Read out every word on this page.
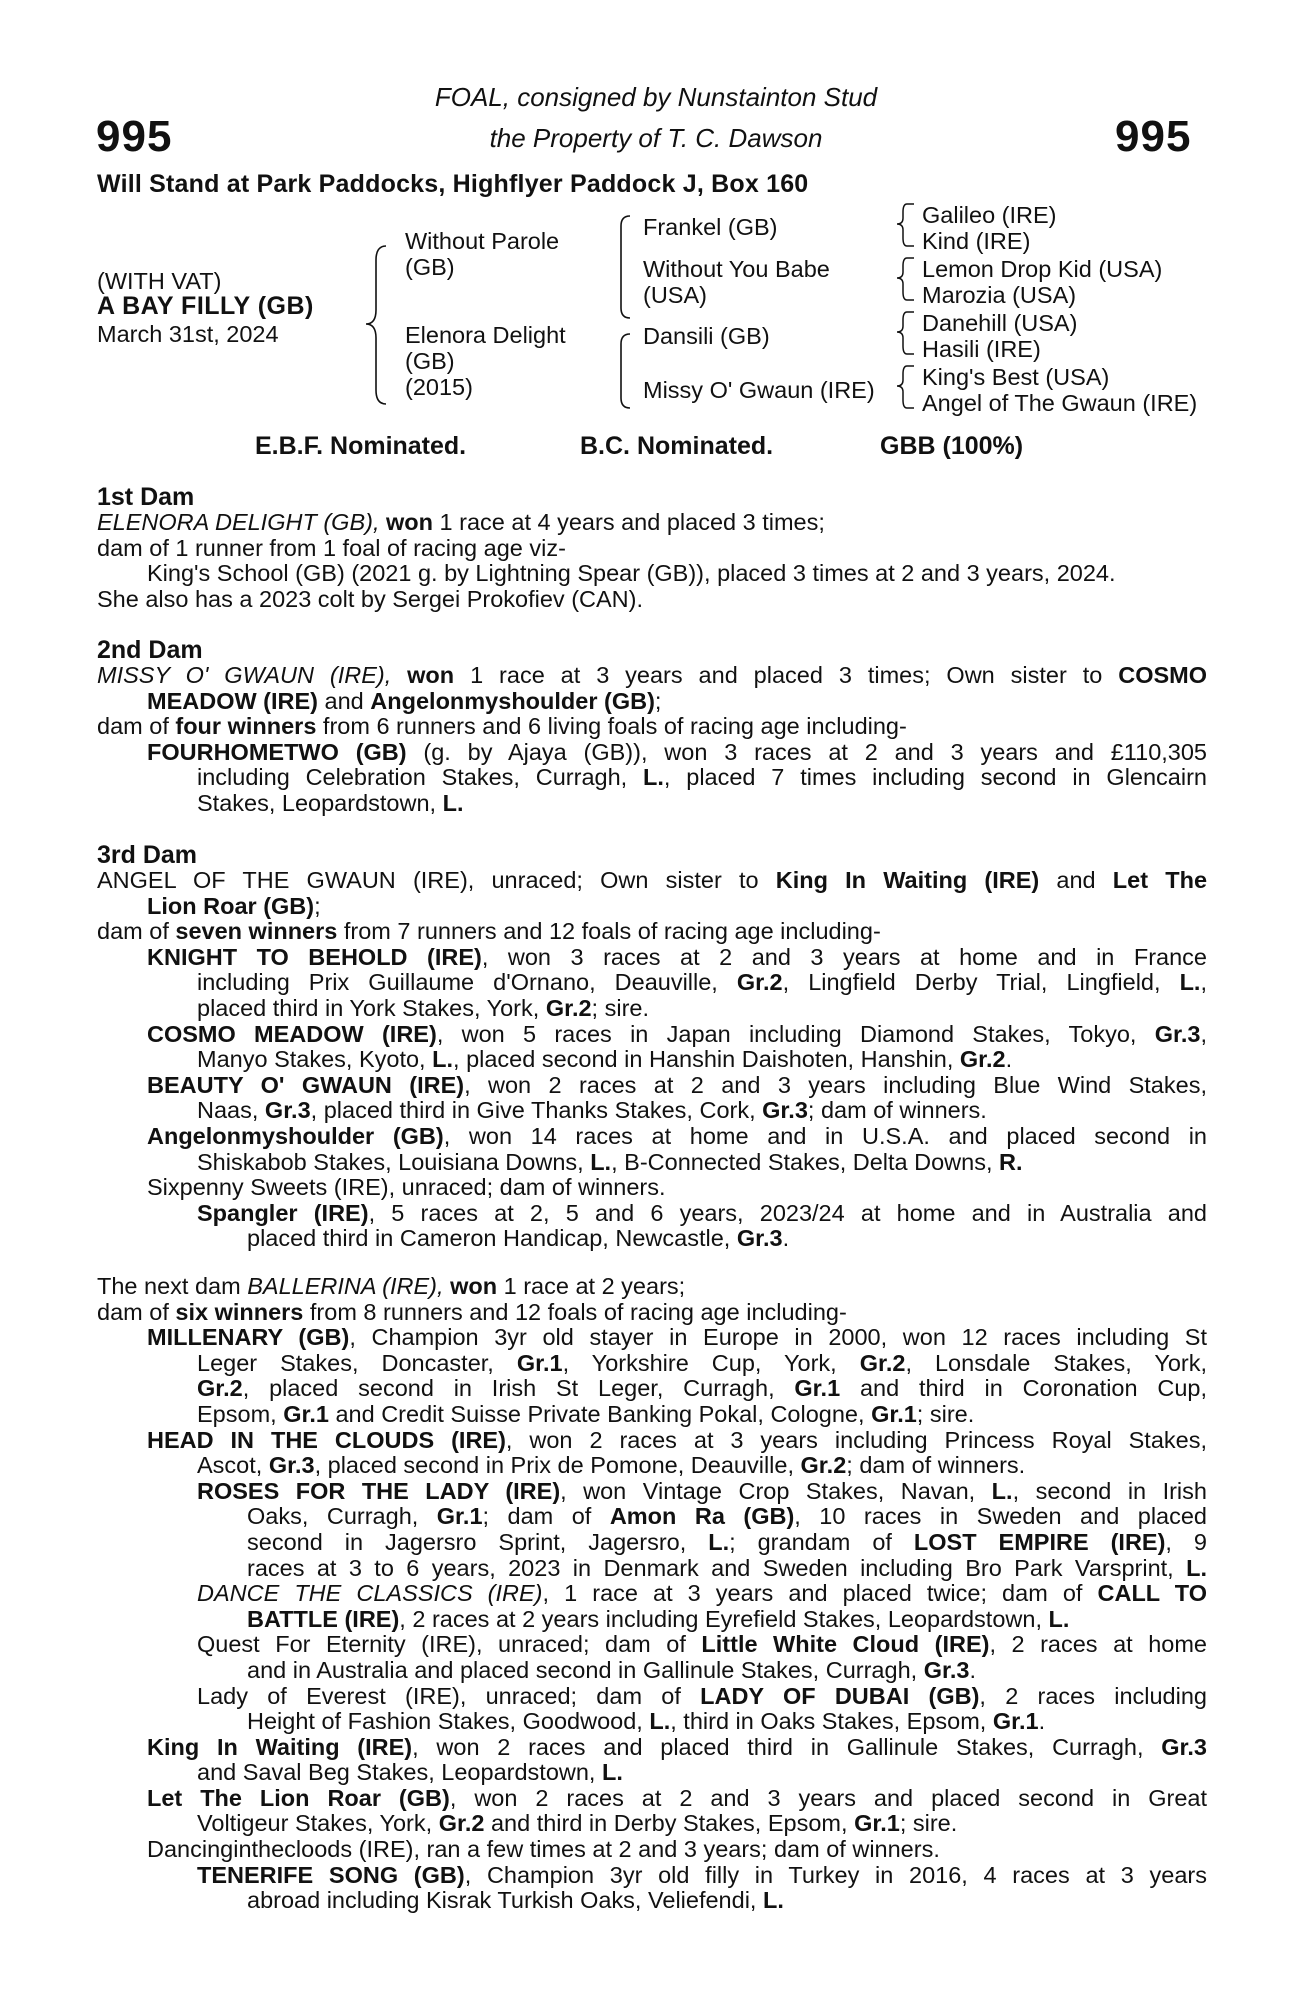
995	995
FOAL, consigned by Nunstainton Stud
the Property of T. C. Dawson
Will Stand at Park Paddocks, Highflyer Paddock J, Box 160
(WITH VAT)
A BAY FILLY (GB)
March 31st, 2024
Without Parole
(GB)
Elenora Delight
(GB)
(2015)
Frankel (GB)
Without You Babe
(USA)
Dansili (GB)
Missy O' Gwaun (IRE)
Galileo (IRE)
Kind (IRE)
Lemon Drop Kid (USA)
Marozia (USA)
Danehill (USA)
Hasili (IRE)
King's Best (USA)
Angel of The Gwaun (IRE)
E.B.F. Nominated.	B.C. Nominated.	GBB (100%)
1st Dam
ELENORA DELIGHT (GB), won 1 race at 4 years and placed 3 times;
dam of 1 runner from 1 foal of racing age viz-
King's School (GB) (2021 g. by Lightning Spear (GB)), placed 3 times at 2 and 3 years, 2024.
She also has a 2023 colt by Sergei Prokofiev (CAN).
2nd Dam
MISSY O' GWAUN (IRE), won 1 race at 3 years and placed 3 times; Own sister to COSMO
MEADOW (IRE) and Angelonmyshoulder (GB);
dam of four winners from 6 runners and 6 living foals of racing age including-
FOURHOMETWO (GB) (g. by Ajaya (GB)), won 3 races at 2 and 3 years and £110,305
including Celebration Stakes, Curragh, L., placed 7 times including second in Glencairn
Stakes, Leopardstown, L.
3rd Dam
ANGEL OF THE GWAUN (IRE), unraced; Own sister to King In Waiting (IRE) and Let The
Lion Roar (GB);
dam of seven winners from 7 runners and 12 foals of racing age including-
KNIGHT TO BEHOLD (IRE), won 3 races at 2 and 3 years at home and in France
including Prix Guillaume d'Ornano, Deauville, Gr.2, Lingfield Derby Trial, Lingfield, L.,
placed third in York Stakes, York, Gr.2; sire.
COSMO MEADOW (IRE), won 5 races in Japan including Diamond Stakes, Tokyo, Gr.3,
Manyo Stakes, Kyoto, L., placed second in Hanshin Daishoten, Hanshin, Gr.2.
BEAUTY O' GWAUN (IRE), won 2 races at 2 and 3 years including Blue Wind Stakes,
Naas, Gr.3, placed third in Give Thanks Stakes, Cork, Gr.3; dam of winners.
Angelonmyshoulder (GB), won 14 races at home and in U.S.A. and placed second in
Shiskabob Stakes, Louisiana Downs, L., B-Connected Stakes, Delta Downs, R.
Sixpenny Sweets (IRE), unraced; dam of winners.
Spangler (IRE), 5 races at 2, 5 and 6 years, 2023/24 at home and in Australia and
placed third in Cameron Handicap, Newcastle, Gr.3.
The next dam BALLERINA (IRE), won 1 race at 2 years;
dam of six winners from 8 runners and 12 foals of racing age including-
MILLENARY (GB), Champion 3yr old stayer in Europe in 2000, won 12 races including St
Leger Stakes, Doncaster, Gr.1, Yorkshire Cup, York, Gr.2, Lonsdale Stakes, York,
Gr.2, placed second in Irish St Leger, Curragh, Gr.1 and third in Coronation Cup,
Epsom, Gr.1 and Credit Suisse Private Banking Pokal, Cologne, Gr.1; sire.
HEAD IN THE CLOUDS (IRE), won 2 races at 3 years including Princess Royal Stakes,
Ascot, Gr.3, placed second in Prix de Pomone, Deauville, Gr.2; dam of winners.
ROSES FOR THE LADY (IRE), won Vintage Crop Stakes, Navan, L., second in Irish
Oaks, Curragh, Gr.1; dam of Amon Ra (GB), 10 races in Sweden and placed
second in Jagersro Sprint, Jagersro, L.; grandam of LOST EMPIRE (IRE), 9
races at 3 to 6 years, 2023 in Denmark and Sweden including Bro Park Varsprint, L.
DANCE THE CLASSICS (IRE), 1 race at 3 years and placed twice; dam of CALL TO
BATTLE (IRE), 2 races at 2 years including Eyrefield Stakes, Leopardstown, L.
Quest For Eternity (IRE), unraced; dam of Little White Cloud (IRE), 2 races at home
and in Australia and placed second in Gallinule Stakes, Curragh, Gr.3.
Lady of Everest (IRE), unraced; dam of LADY OF DUBAI (GB), 2 races including
Height of Fashion Stakes, Goodwood, L., third in Oaks Stakes, Epsom, Gr.1.
King In Waiting (IRE), won 2 races and placed third in Gallinule Stakes, Curragh, Gr.3
and Saval Beg Stakes, Leopardstown, L.
Let The Lion Roar (GB), won 2 races at 2 and 3 years and placed second in Great
Voltigeur Stakes, York, Gr.2 and third in Derby Stakes, Epsom, Gr.1; sire.
Dancinginthecloods (IRE), ran a few times at 2 and 3 years; dam of winners.
TENERIFE SONG (GB), Champion 3yr old filly in Turkey in 2016, 4 races at 3 years
abroad including Kisrak Turkish Oaks, Veliefendi, L.
